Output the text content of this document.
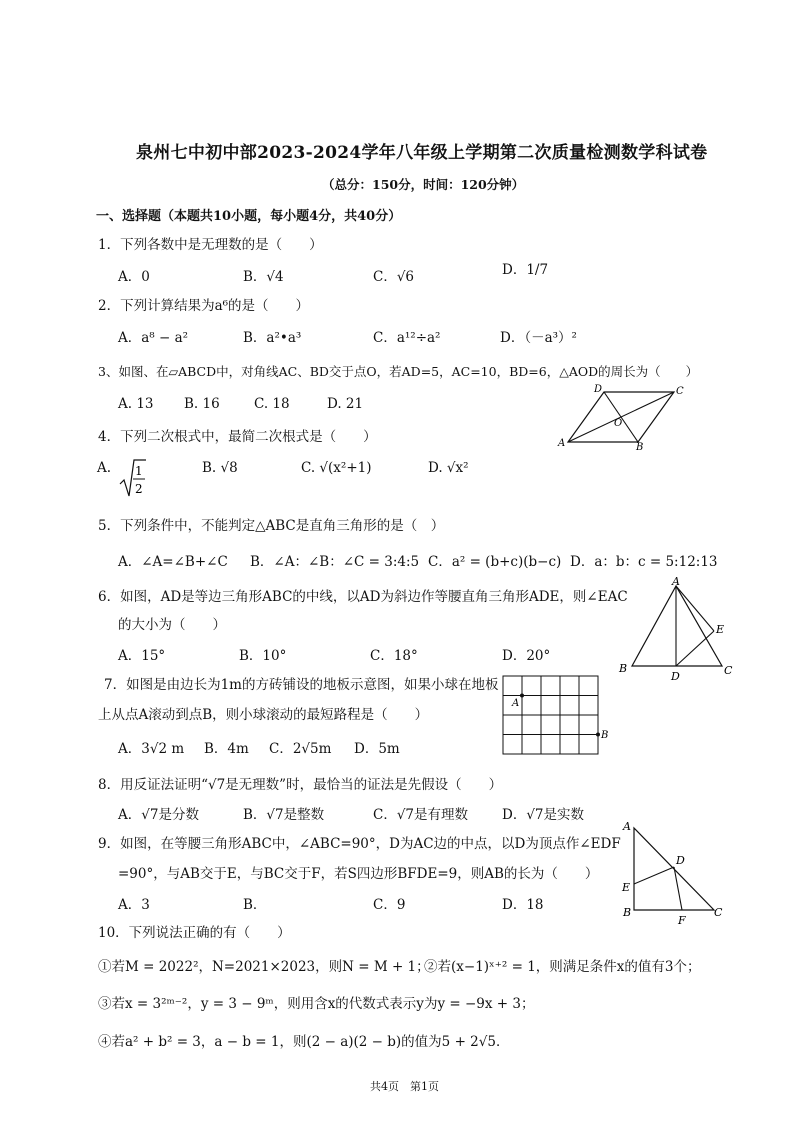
泉州七中初中部2023-2024学年八年级上学期第二次质量检测数学科试卷
（总分：150分，时间：120分钟）
一、选择题（本题共10小题，每小题4分，共40分）
1．下列各数中是无理数的是（　　）
A．0	B．√4	C．√6	D．1/7
2．下列计算结果为a⁶的是（　　）
A．a⁸ − a²	B．a²•a³	C．a¹²÷a²	D．（－a³）²
3、如图、在▱ABCD中，对角线AC、BD交于点O，若AD=5，AC=10，BD=6，△AOD的周长为（　　）
A. 13 B. 16	C. 18	D. 21
A	B
C
D
O
4．下列二次根式中，最简二次根式是（　　）
A. 1
2
B. √8	C. √(x²+1)	D. √x²
5．下列条件中，不能判定△ABC是直角三角形的是（　）
A．∠A=∠B+∠C B．∠A：∠B：∠C = 3:4:5 C．a² = (b+c)(b−c) D．a：b：c = 5:12:13
6．如图，AD是等边三角形ABC的中线，以AD为斜边作等腰直角三角形ADE，则∠EAC
的大小为（　　）
A．15°	B．10°	C．18°	D．20°
A
B	C
D
E
7．如图是由边长为1m的方砖铺设的地板示意图，如果小球在地板
上从点A滚动到点B，则小球滚动的最短路程是（　　）
A．3√2 m B．4m C．2√5m D．5m
A
B
8．用反证法证明“√7是无理数”时，最恰当的证法是先假设（　　）
A．√7是分数	B．√7是整数	C．√7是有理数	D．√7是实数
9．如图，在等腰三角形ABC中，∠ABC=90°，D为AC边的中点，以D为顶点作∠EDF
=90°，与AB交于E，与BC交于F，若S四边形BFDE=9，则AB的长为（　　）
A．3	B．	C．9	D．18
A
B	C
D
E
F
10．下列说法正确的有（　　）
①若M = 2022²，N=2021×2023，则N = M + 1；
②若(x−1)ˣ⁺² = 1，则满足条件x的值有3个；
③若x = 3²ᵐ⁻²，y = 3 − 9ᵐ，则用含x的代数式表示y为y = −9x + 3；
④若a² + b² = 3，a − b = 1，则(2 − a)(2 − b)的值为5 + 2√5．
共4页　第1页
